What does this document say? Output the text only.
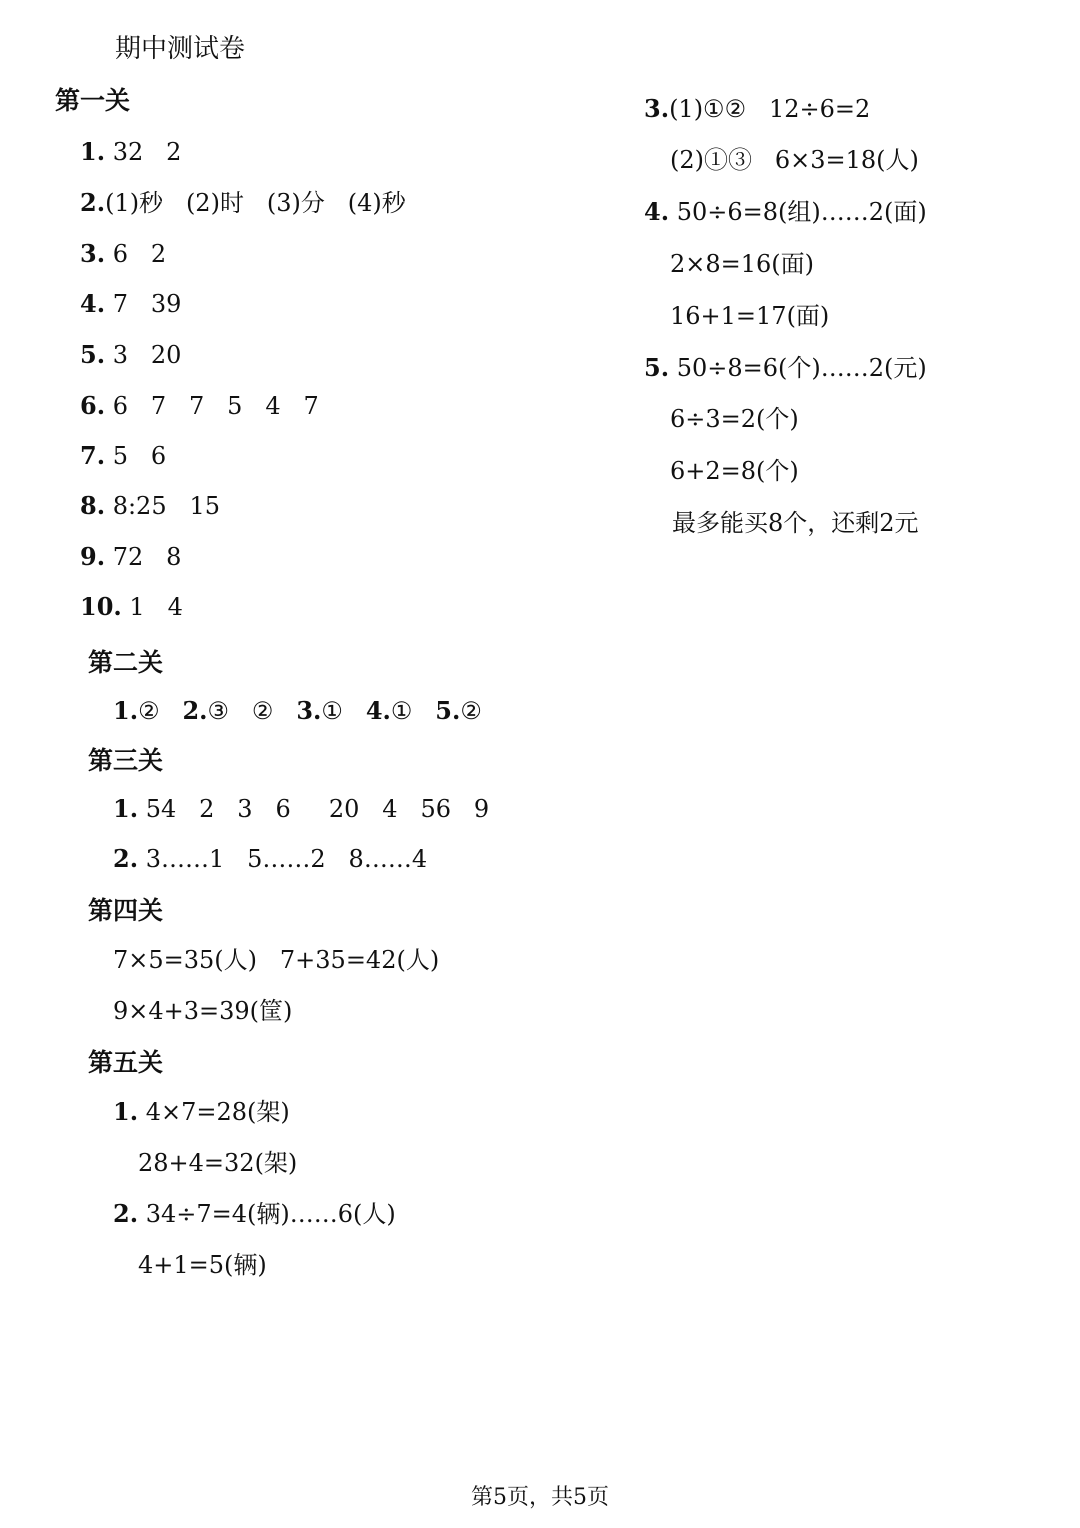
期中测试卷
第一关
1. 32   2
2.(1)秒   (2)时   (3)分   (4)秒
3. 6   2
4. 7   39
5. 3   20
6. 6   7   7   5   4   7
7. 5   6
8. 8:25   15
9. 72   8
10. 1   4
第二关
1.② 2.③   ② 3.① 4.① 5.②
第三关
1. 54   2   3   6     20   4   56   9
2. 3……1   5……2   8……4
第四关
7×5=35(人)   7+35=42(人)
9×4+3=39(筐)
第五关
1. 4×7=28(架)
28+4=32(架)
2. 34÷7=4(辆)……6(人)
4+1=5(辆)
3.(1)①②   12÷6=2
(2)①③   6×3=18(人)
4. 50÷6=8(组)……2(面)
2×8=16(面)
16+1=17(面)
5. 50÷8=6(个)……2(元)
6÷3=2(个)
6+2=8(个)
最多能买8个，还剩2元
第5页，共5页
